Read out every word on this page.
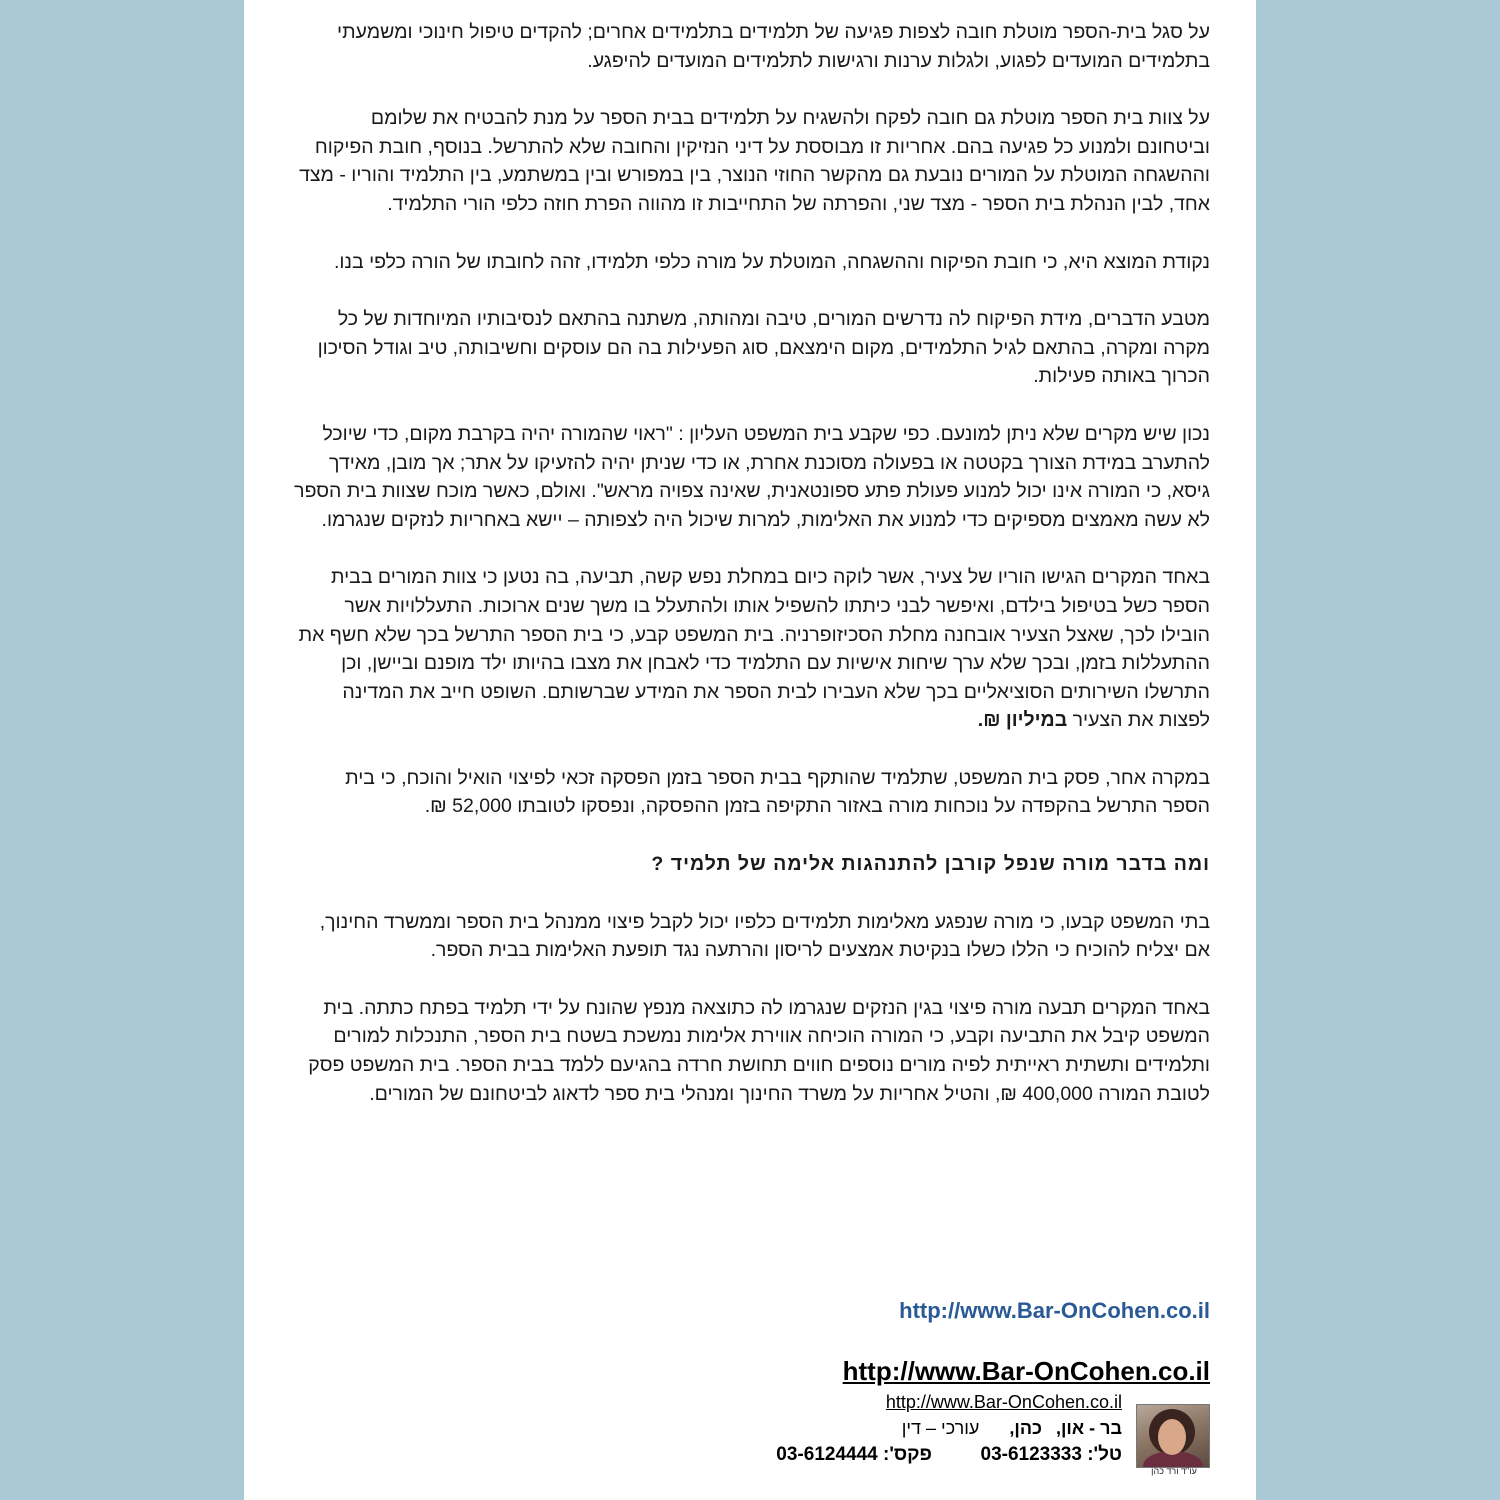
על סגל בית-הספר מוטלת חובה לצפות פגיעה של תלמידים בתלמידים אחרים; להקדים טיפול חינוכי ומשמעתי בתלמידים המועדים לפגוע, ולגלות ערנות ורגישות לתלמידים המועדים להיפגע.

על צוות בית הספר מוטלת גם חובה לפקח ולהשגיח על תלמידים בבית הספר על מנת להבטיח את שלומם וביטחונם ולמנוע כל פגיעה בהם. אחריות זו מבוססת על דיני הנזיקין והחובה שלא להתרשל. בנוסף, חובת הפיקוח וההשגחה המוטלת על המורים נובעת גם מהקשר החוזי הנוצר, בין במפורש ובין במשתמע, בין התלמיד והוריו - מצד אחד, לבין הנהלת בית הספר - מצד שני, והפרתה של התחייבות זו מהווה הפרת חוזה כלפי הורי התלמיד.

נקודת המוצא היא, כי חובת הפיקוח וההשגחה, המוטלת על מורה כלפי תלמידו, זהה לחובתו של הורה כלפי בנו.

מטבע הדברים, מידת הפיקוח לה נדרשים המורים, טיבה ומהותה, משתנה בהתאם לנסיבותיו המיוחדות של כל מקרה ומקרה, בהתאם לגיל התלמידים, מקום הימצאם, סוג הפעילות בה הם עוסקים וחשיבותה, טיב וגודל הסיכון הכרוך באותה פעילות.

נכון שיש מקרים שלא ניתן למונעם. כפי שקבע בית המשפט העליון : "ראוי שהמורה יהיה בקרבת מקום, כדי שיוכל להתערב במידת הצורך בקטטה או בפעולה מסוכנת אחרת, או כדי שניתן יהיה להזעיקו על אתר; אך מובן, מאידך גיסא, כי המורה אינו יכול למנוע פעולת פתע ספונטאנית, שאינה צפויה מראש". ואולם, כאשר מוכח שצוות בית הספר לא עשה מאמצים מספיקים כדי למנוע את האלימות, למרות שיכול היה לצפותה – יישא באחריות לנזקים שנגרמו.

באחד המקרים הגישו הוריו של צעיר, אשר לוקה כיום במחלת נפש קשה, תביעה, בה נטען כי צוות המורים בבית הספר כשל בטיפול בילדם, ואיפשר לבני כיתתו להשפיל אותו ולהתעלל בו משך שנים ארוכות. התעללויות אשר הובילו לכך, שאצל הצעיר אובחנה מחלת הסכיזופרניה. בית המשפט קבע, כי בית הספר התרשל בכך שלא חשף את ההתעללות בזמן, ובכך שלא ערך שיחות אישיות עם התלמיד כדי לאבחן את מצבו בהיותו ילד מופנם וביישן, וכן התרשלו השירותים הסוציאליים בכך שלא העבירו לבית הספר את המידע שברשותם. השופט חייב את המדינה לפצות את הצעיר במיליון ₪.

במקרה אחר, פסק בית המשפט, שתלמיד שהותקף בבית הספר בזמן הפסקה זכאי לפיצוי הואיל והוכח, כי בית הספר התרשל בהקפדה על נוכחות מורה באזור התקיפה בזמן ההפסקה, ונפסקו לטובתו 52,000 ₪.

ומה בדבר מורה שנפל קורבן להתנהגות אלימה של תלמיד ?

בתי המשפט קבעו, כי מורה שנפגע מאלימות תלמידים כלפיו יכול לקבל פיצוי ממנהל בית הספר וממשרד החינוך, אם יצליח להוכיח כי הללו כשלו בנקיטת אמצעים לריסון והרתעה נגד תופעת האלימות בבית הספר.

באחד המקרים תבעה מורה פיצוי בגין הנזקים שנגרמו לה כתוצאה מנפץ שהונח על ידי תלמיד בפתח כתתה. בית המשפט קיבל את התביעה וקבע, כי המורה הוכיחה אווירת אלימות נמשכת בשטח בית הספר, התנכלות למורים ותלמידים ותשתית ראייתית לפיה מורים נוספים חווים תחושת חרדה בהגיעם ללמד בבית הספר. בית המשפט פסק לטובת המורה 400,000 ₪, והטיל אחריות על משרד החינוך ומנהלי בית ספר לדאוג לביטחונם של המורים.

http://www.Bar-OnCohen.co.il
http://www.Bar-OnCohen.co.il
http://www.Bar-OnCohen.co.il
עו"ד ורד כהן
בר - און,כהן,עורכי – דין
טל': 03-6123333  פקס': 03-6124444
